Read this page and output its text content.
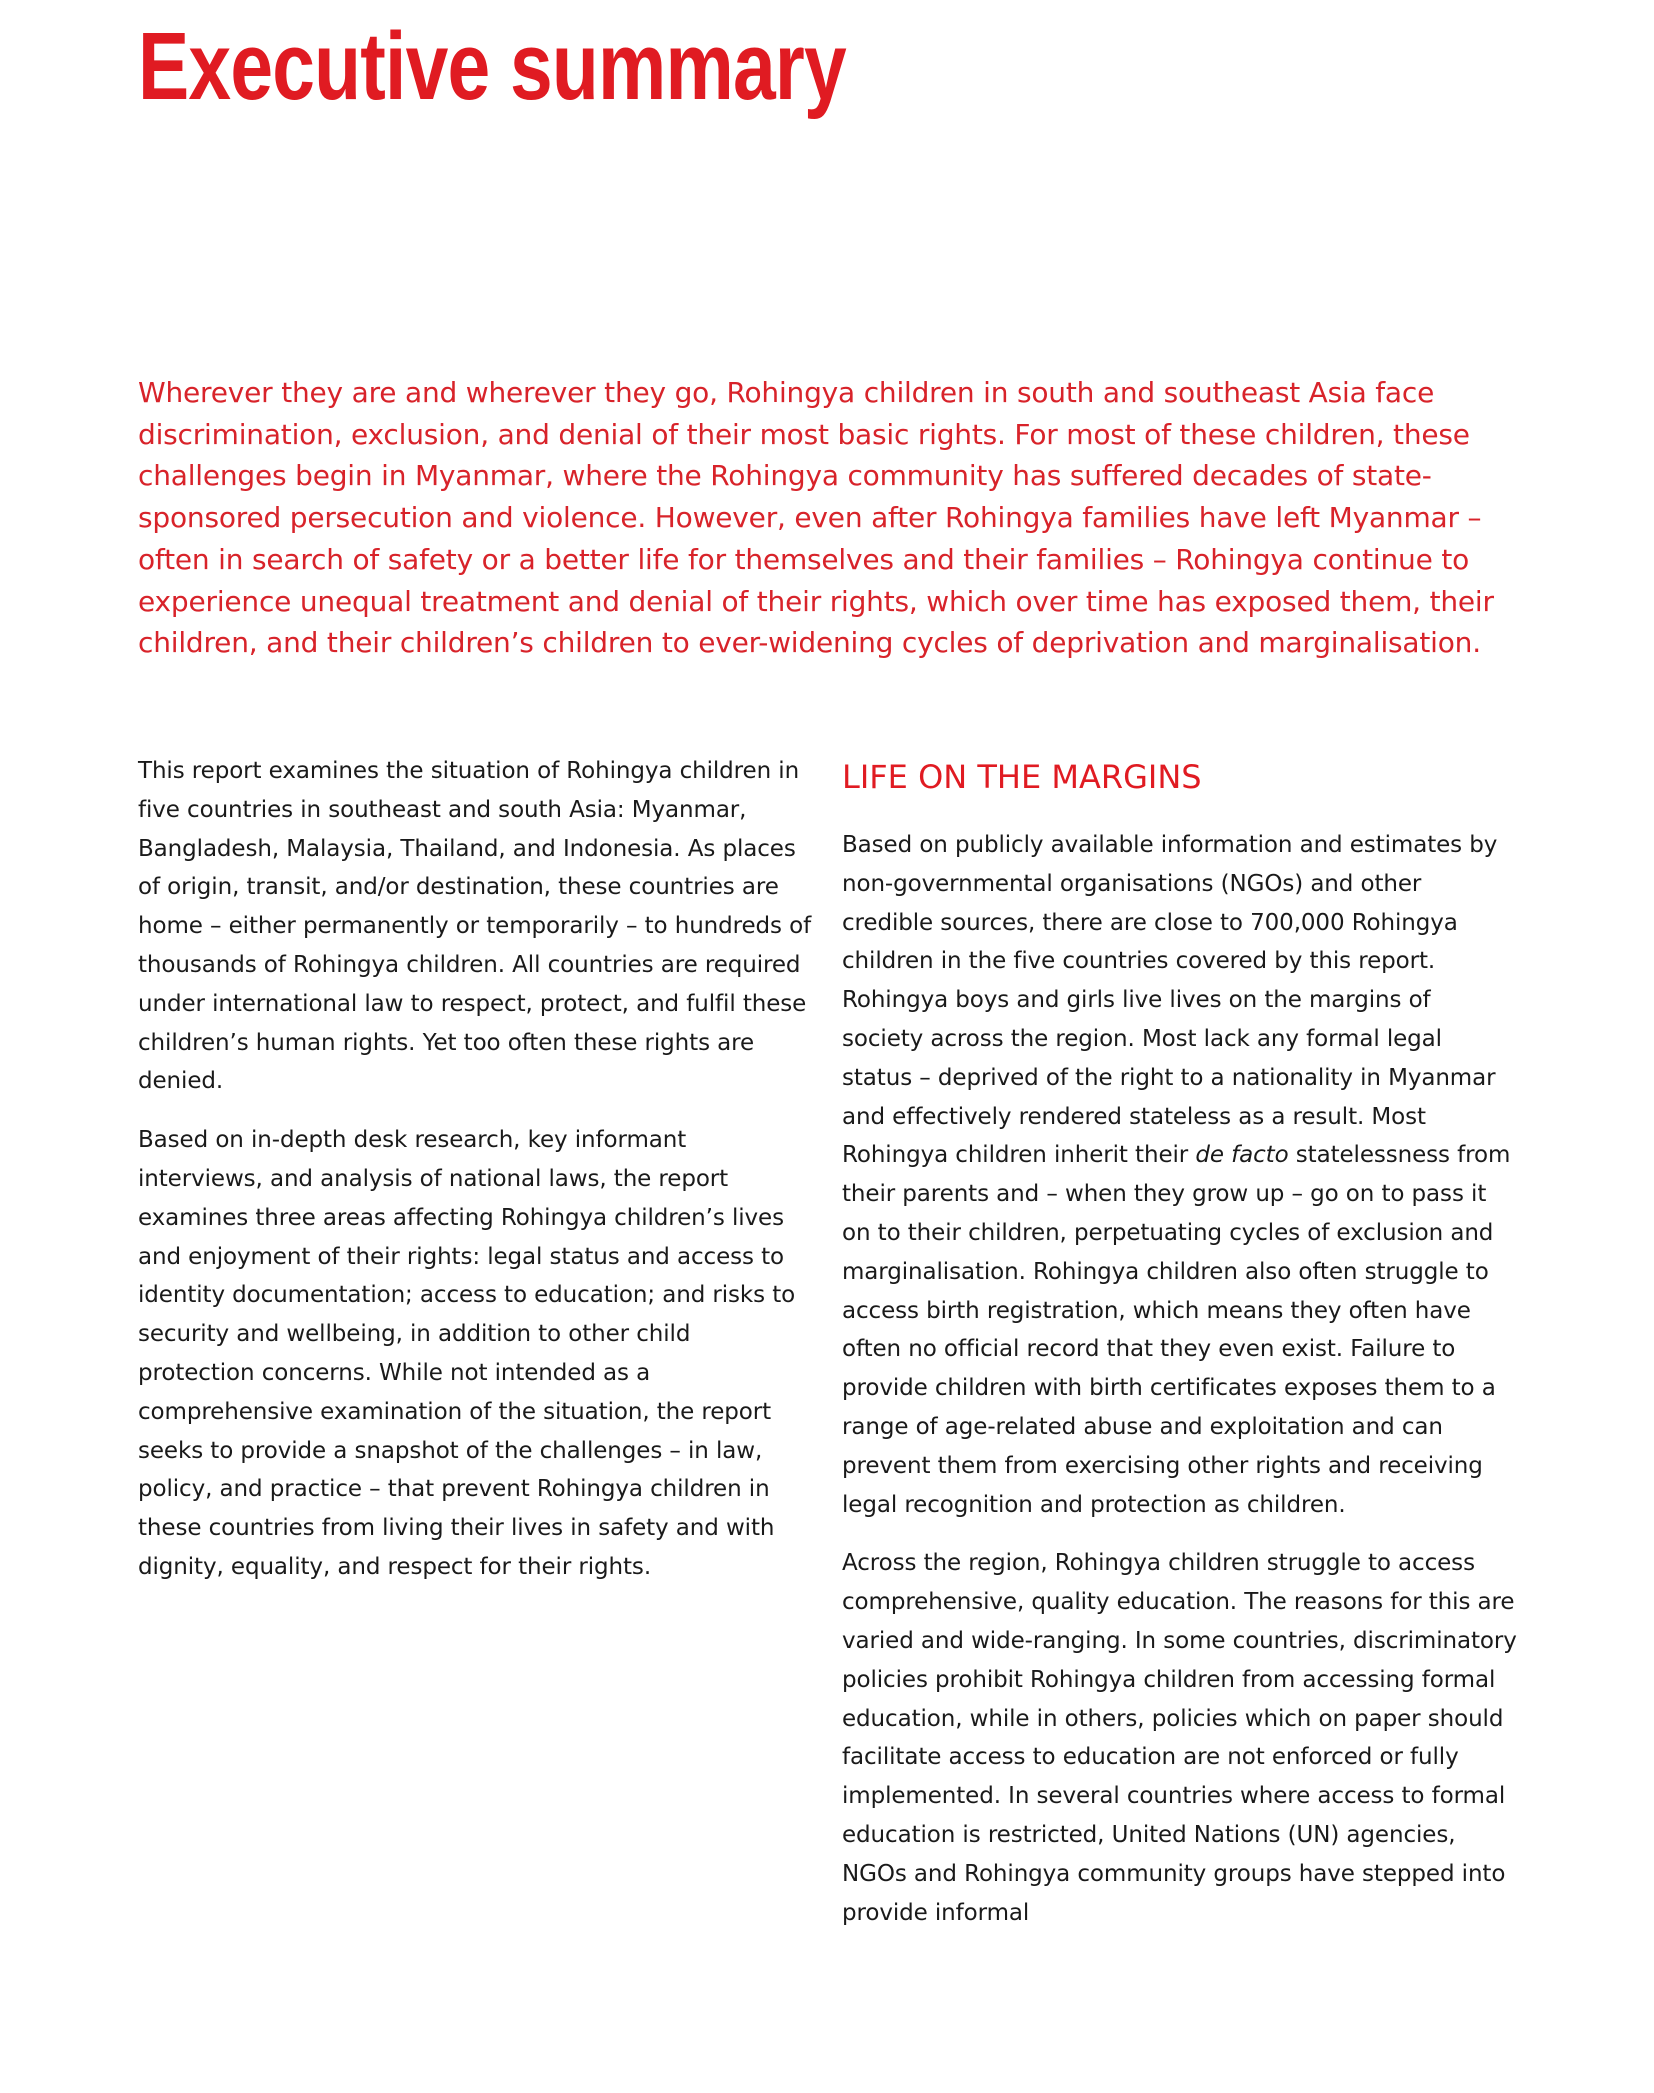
Executive summary

Wherever they are and wherever they go, Rohingya children in south and southeast Asia face discrimination, exclusion, and denial of their most basic rights. For most of these children, these challenges begin in Myanmar, where the Rohingya community has suffered decades of state-sponsored persecution and violence. However, even after Rohingya families have left Myanmar – often in search of safety or a better life for themselves and their families – Rohingya continue to experience unequal treatment and denial of their rights, which over time has exposed them, their children, and their children’s children to ever-widening cycles of deprivation and marginalisation.

This report examines the situation of Rohingya children in five countries in southeast and south Asia: Myanmar, Bangladesh, Malaysia, Thailand, and Indonesia. As places of origin, transit, and/or destination, these countries are home – either permanently or temporarily – to hundreds of thousands of Rohingya children. All countries are required under international law to respect, protect, and fulfil these children’s human rights. Yet too often these rights are denied.

Based on in-depth desk research, key informant interviews, and analysis of national laws, the report examines three areas affecting Rohingya children’s lives and enjoyment of their rights: legal status and access to identity documentation; access to education; and risks to security and wellbeing, in addition to other child protection concerns. While not intended as a comprehensive examination of the situation, the report seeks to provide a snapshot of the challenges – in law, policy, and practice – that prevent Rohingya children in these countries from living their lives in safety and with dignity, equality, and respect for their rights.

LIFE ON THE MARGINS

Based on publicly available information and estimates by non-governmental organisations (NGOs) and other credible sources, there are close to 700,000 Rohingya children in the five countries covered by this report. Rohingya boys and girls live lives on the margins of society across the region. Most lack any formal legal status – deprived of the right to a nationality in Myanmar and effectively rendered stateless as a result. Most Rohingya children inherit their de facto statelessness from their parents and – when they grow up – go on to pass it on to their children, perpetuating cycles of exclusion and marginalisation. Rohingya children also often struggle to access birth registration, which means they often have often no official record that they even exist. Failure to provide children with birth certificates exposes them to a range of age-related abuse and exploitation and can prevent them from exercising other rights and receiving legal recognition and protection as children.

Across the region, Rohingya children struggle to access comprehensive, quality education. The reasons for this are varied and wide-ranging. In some countries, discriminatory policies prohibit Rohingya children from accessing formal education, while in others, policies which on paper should facilitate access to education are not enforced or fully implemented. In several countries where access to formal education is restricted, United Nations (UN) agencies, NGOs and Rohingya community groups have stepped into provide informal
